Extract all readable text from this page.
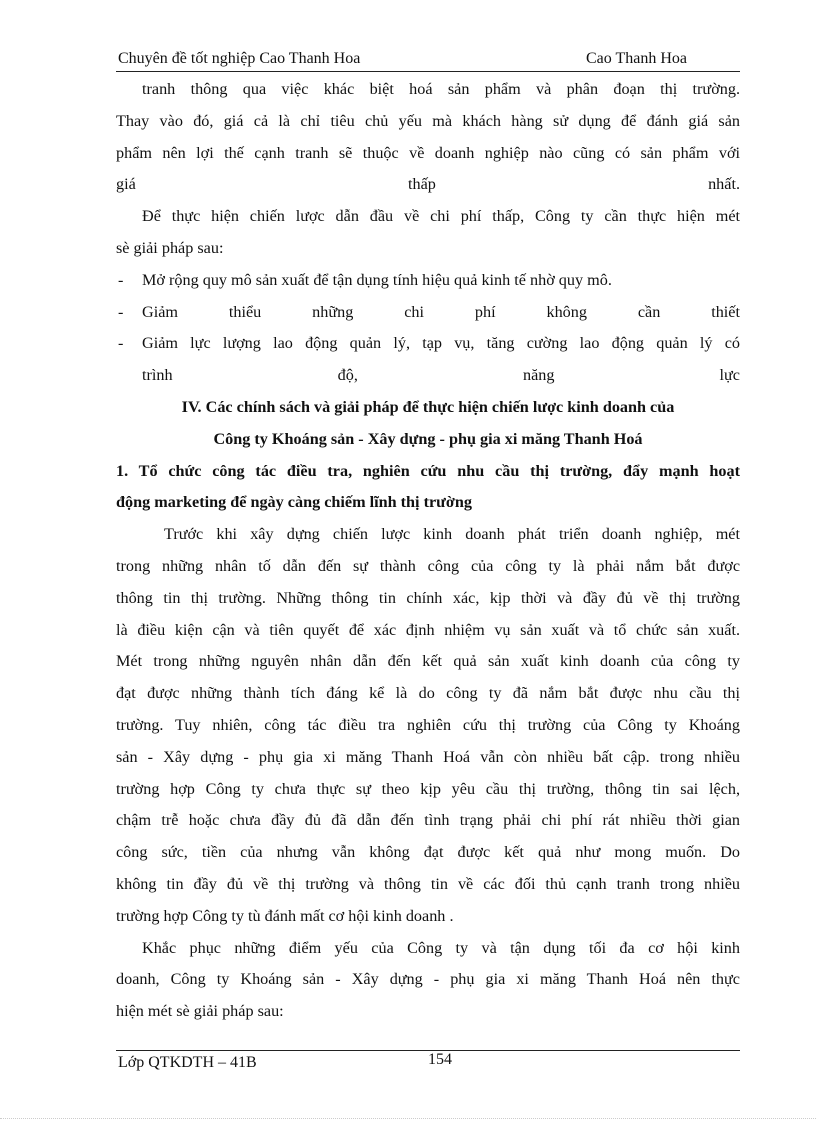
Chuyên đề tốt nghiệp Cao Thanh Hoa	Cao Thanh Hoa
tranh thông qua việc khác biệt hoá sản phẩm và phân đoạn thị trường.
Thay vào đó, giá cả là chỉ tiêu chủ yếu mà khách hàng sử dụng để đánh giá sản
phẩm nên lợi thế cạnh tranh sẽ thuộc về doanh nghiệp nào cũng có sản phẩm với
giá thấp nhất.
Để thực hiện chiến lược dẫn đầu về chi phí thấp, Công ty cần thực hiện mét
sè giải pháp sau:
- Mở rộng quy mô sản xuất để tận dụng tính hiệu quả kinh tế nhờ quy mô.
- Giảm thiểu những chi phí không cần thiết
- Giảm lực lượng lao động quản lý, tạp vụ, tăng cường lao động quản lý có
trình độ, năng lực
IV. Các chính sách và giải pháp để thực hiện chiến lược kinh doanh của
Công ty Khoáng sản - Xây dựng - phụ gia xi măng Thanh Hoá
1. Tổ chức công tác điều tra, nghiên cứu nhu cầu thị trường, đẩy mạnh hoạt
động marketing để ngày càng chiếm lĩnh thị trường
Trước khi xây dựng chiến lược kinh doanh phát triển doanh nghiệp, mét
trong những nhân tố dẫn đến sự thành công của công ty là phải nắm bắt được
thông tin thị trường. Những thông tin chính xác, kịp thời và đầy đủ về thị trường
là điều kiện cận và tiên quyết để xác định nhiệm vụ sản xuất và tổ chức sản xuất.
Mét trong những nguyên nhân dẫn đến kết quả sản xuất kinh doanh của công ty
đạt được những thành tích đáng kể là do công ty đã nắm bắt được nhu cầu thị
trường. Tuy nhiên, công tác điều tra nghiên cứu thị trường của Công ty Khoáng
sản - Xây dựng - phụ gia xi măng Thanh Hoá vẫn còn nhiều bất cập. trong nhiều
trường hợp Công ty chưa thực sự theo kịp yêu cầu thị trường, thông tin sai lệch,
chậm trễ hoặc chưa đầy đủ đã dẫn đến tình trạng phải chi phí rát nhiều thời gian
công sức, tiền của nhưng vẫn không đạt được kết quả như mong muốn. Do
không tin đầy đủ về thị trường và thông tin về các đối thủ cạnh tranh trong nhiều
trường hợp Công ty tù đánh mất cơ hội kinh doanh .
Khắc phục những điểm yếu của Công ty và tận dụng tối đa cơ hội kinh
doanh, Công ty Khoáng sản - Xây dựng - phụ gia xi măng Thanh Hoá nên thực
hiện mét sè giải pháp sau:
Lớp QTKDTH – 41B	154
